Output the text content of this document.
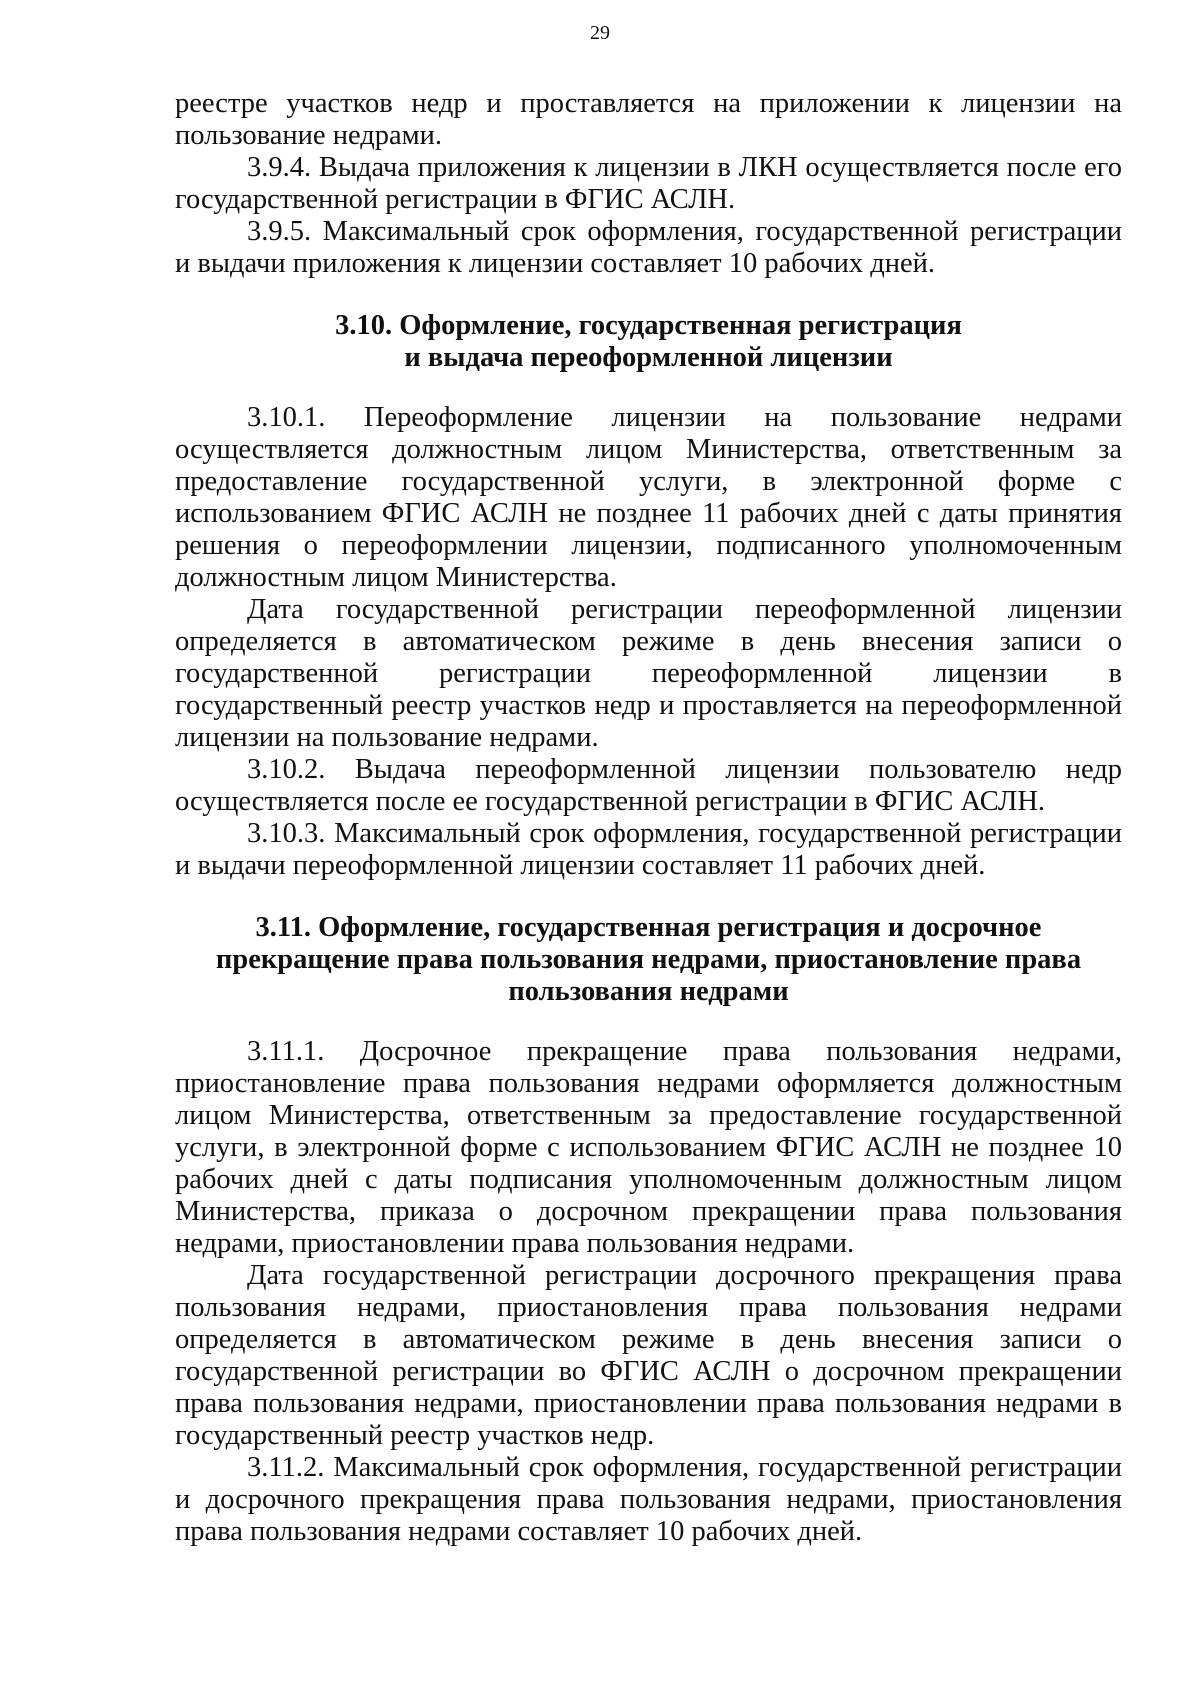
29

реестре участков недр и проставляется на приложении к лицензии на пользование недрами.

3.9.4. Выдача приложения к лицензии в ЛКН осуществляется после его государственной регистрации в ФГИС АСЛН.

3.9.5. Максимальный срок оформления, государственной регистрации и выдачи приложения к лицензии составляет 10 рабочих дней.

3.10. Оформление, государственная регистрация и выдача переоформленной лицензии

3.10.1. Переоформление лицензии на пользование недрами осуществляется должностным лицом Министерства, ответственным за предоставление государственной услуги, в электронной форме с использованием ФГИС АСЛН не позднее 11 рабочих дней с даты принятия решения о переоформлении лицензии, подписанного уполномоченным должностным лицом Министерства.

Дата государственной регистрации переоформленной лицензии определяется в автоматическом режиме в день внесения записи о государственной регистрации переоформленной лицензии в государственный реестр участков недр и проставляется на переоформленной лицензии на пользование недрами.

3.10.2. Выдача переоформленной лицензии пользователю недр осуществляется после ее государственной регистрации в ФГИС АСЛН.

3.10.3. Максимальный срок оформления, государственной регистрации и выдачи переоформленной лицензии составляет 11 рабочих дней.

3.11. Оформление, государственная регистрация и досрочное прекращение права пользования недрами, приостановление права пользования недрами

3.11.1. Досрочное прекращение права пользования недрами, приостановление права пользования недрами оформляется должностным лицом Министерства, ответственным за предоставление государственной услуги, в электронной форме с использованием ФГИС АСЛН не позднее 10 рабочих дней с даты подписания уполномоченным должностным лицом Министерства, приказа о досрочном прекращении права пользования недрами, приостановлении права пользования недрами.

Дата государственной регистрации досрочного прекращения права пользования недрами, приостановления права пользования недрами определяется в автоматическом режиме в день внесения записи о государственной регистрации во ФГИС АСЛН о досрочном прекращении права пользования недрами, приостановлении права пользования недрами в государственный реестр участков недр.

3.11.2. Максимальный срок оформления, государственной регистрации и досрочного прекращения права пользования недрами, приостановления права пользования недрами составляет 10 рабочих дней.
